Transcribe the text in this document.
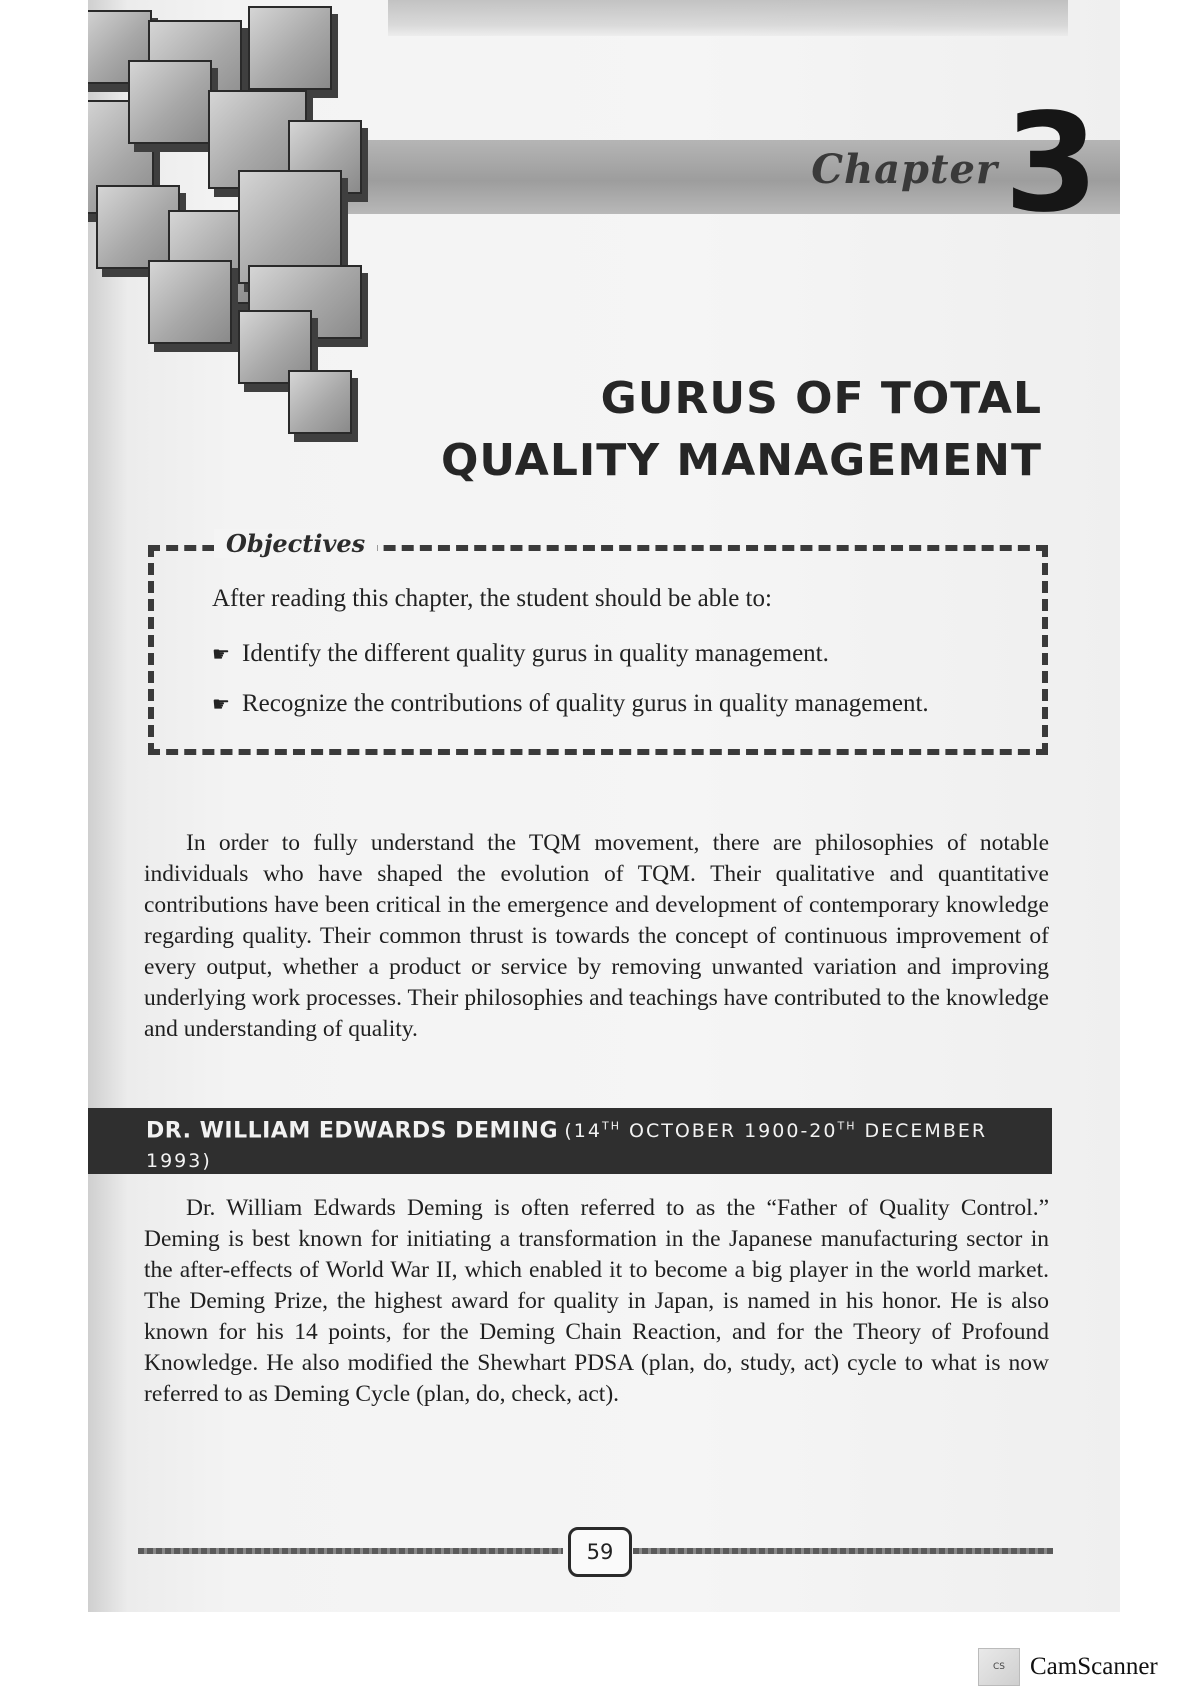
Chapter 3
GURUS OF TOTAL
QUALITY MANAGEMENT
Objectives
After reading this chapter, the student should be able to:
☛ Identify the different quality gurus in quality management.
☛ Recognize the contributions of quality gurus in quality management.
In order to fully understand the TQM movement, there are philosophies of notable individuals who have shaped the evolution of TQM. Their qualitative and quantitative contributions have been critical in the emergence and development of contemporary knowledge regarding quality. Their common thrust is towards the concept of continuous improvement of every output, whether a product or service by removing unwanted variation and improving underlying work processes. Their philosophies and teachings have contributed to the knowledge and understanding of quality.
DR. WILLIAM EDWARDS DEMING (14TH OCTOBER 1900-20TH DECEMBER 1993)
Dr. William Edwards Deming is often referred to as the “Father of Quality Control.” Deming is best known for initiating a transformation in the Japanese manufacturing sector in the after-effects of World War II, which enabled it to become a big player in the world market. The Deming Prize, the highest award for quality in Japan, is named in his honor. He is also known for his 14 points, for the Deming Chain Reaction, and for the Theory of Profound Knowledge. He also modified the Shewhart PDSA (plan, do, study, act) cycle to what is now referred to as Deming Cycle (plan, do, check, act).
59
CS	CamScanner
